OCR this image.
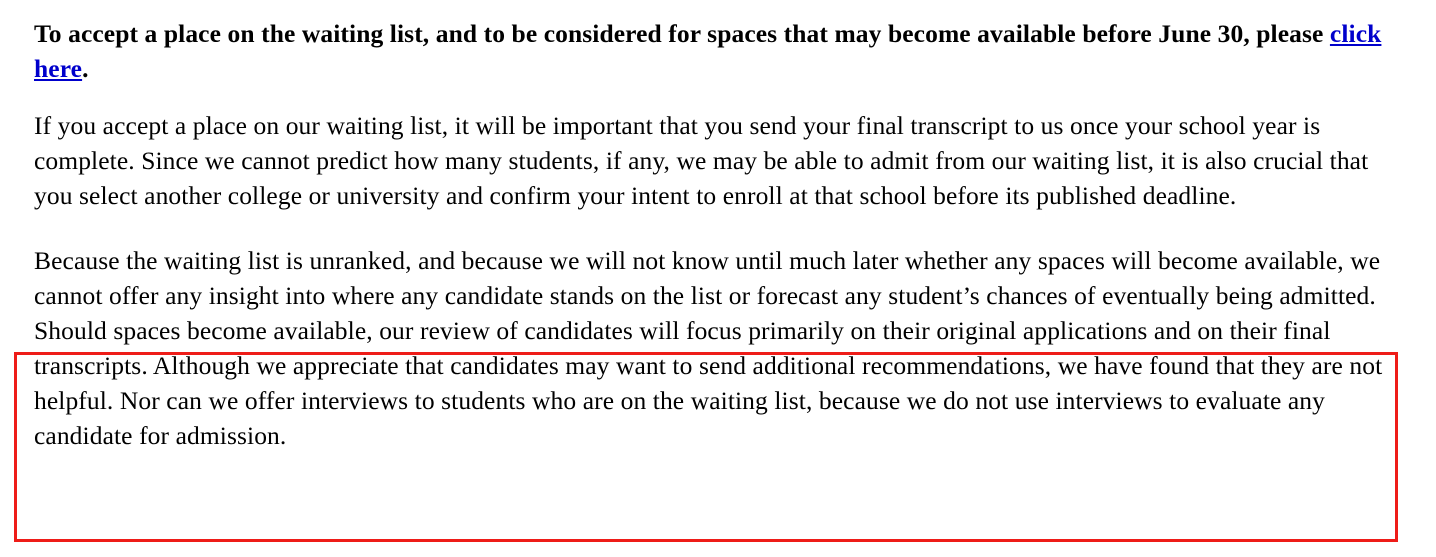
To accept a place on the waiting list, and to be considered for spaces that may become available before June 30, please click here.

If you accept a place on our waiting list, it will be important that you send your final transcript to us once your school year is complete. Since we cannot predict how many students, if any, we may be able to admit from our waiting list, it is also crucial that you select another college or university and confirm your intent to enroll at that school before its published deadline.

Because the waiting list is unranked, and because we will not know until much later whether any spaces will become available, we cannot offer any insight into where any candidate stands on the list or forecast any student’s chances of eventually being admitted. Should spaces become available, our review of candidates will focus primarily on their original applications and on their final transcripts. Although we appreciate that candidates may want to send additional recommendations, we have found that they are not helpful. Nor can we offer interviews to students who are on the waiting list, because we do not use interviews to evaluate any candidate for admission.
